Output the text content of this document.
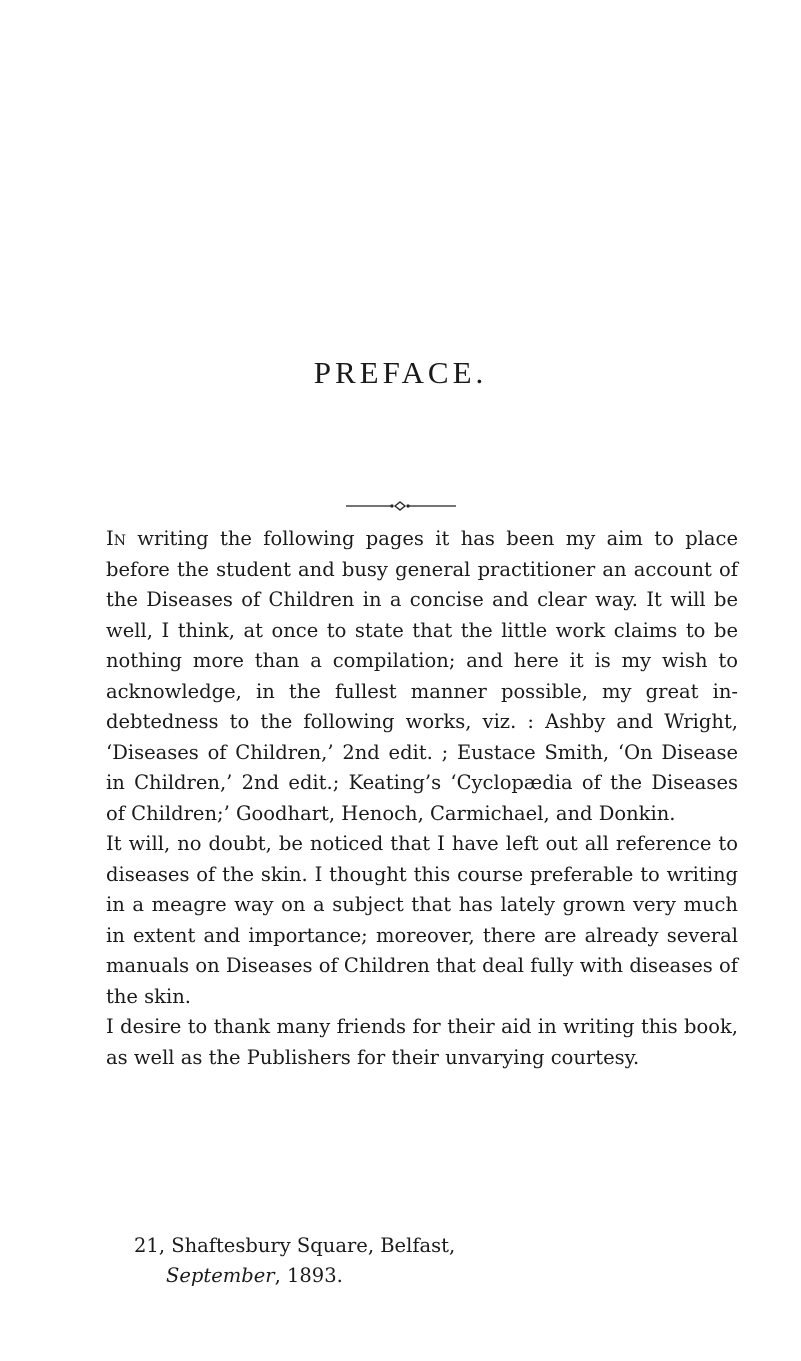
PREFACE.

In writing the following pages it has been my aim to place before the student and busy general practitioner an account of the Diseases of Children in a concise and clear way. It will be well, I think, at once to state that the little work claims to be nothing more than a compilation; and here it is my wish to acknowledge, in the fullest manner possible, my great in-debtedness to the following works, viz. : Ashby and Wright, ‘Diseases of Children,’ 2nd edit. ; Eustace Smith, ‘On Disease in Children,’ 2nd edit.; Keating’s ‘Cyclopædia of the Diseases of Children;’ Goodhart, Henoch, Carmichael, and Donkin.

It will, no doubt, be noticed that I have left out all reference to diseases of the skin. I thought this course preferable to writing in a meagre way on a subject that has lately grown very much in extent and importance; moreover, there are already several manuals on Diseases of Children that deal fully with diseases of the skin.

I desire to thank many friends for their aid in writing this book, as well as the Publishers for their unvarying courtesy.

21, Shaftesbury Square, Belfast,
September, 1893.
